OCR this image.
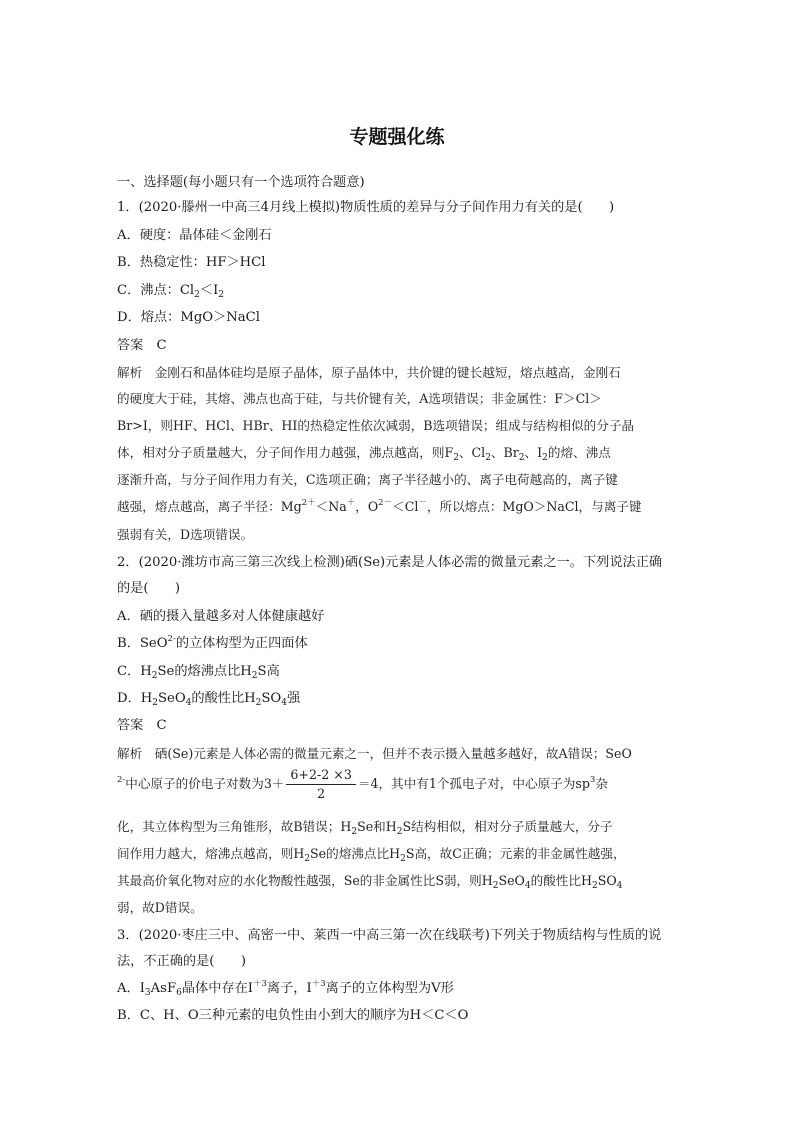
专题强化练
一、选择题(每小题只有一个选项符合题意)
1．(2020·滕州一中高三4月线上模拟)物质性质的差异与分子间作用力有关的是(　　)
A．硬度：晶体硅＜金刚石
B．热稳定性：HF＞HCl
C．沸点：$Cl_2<I_2$
D．熔点：MgO＞NaCl
答案　C
解析　金刚石和晶体硅均是原子晶体，原子晶体中，共价键的键长越短，熔点越高，金刚石
的硬度大于硅，其熔、沸点也高于硅，与共价键有关，A选项错误；非金属性：F＞Cl＞
Br>I，则HF、HCl、HBr、HI的热稳定性依次减弱，B选项错误；组成与结构相似的分子晶
体，相对分子质量越大，分子间作用力越强，沸点越高，则$F_2$、$Cl_2$、$Br_2$、$I_2$的熔、沸点
逐渐升高，与分子间作用力有关，C选项正确；离子半径越小的、离子电荷越高的，离子键
越强，熔点越高，离子半径：$Mg^{2+}<Na^+$，$O^{2-}<Cl^-$，所以熔点：MgO＞NaCl，与离子键
强弱有关，D选项错误。
2．(2020·潍坊市高三第三次线上检测)硒(Se)元素是人体必需的微量元素之一。下列说法正确
的是(　　)
A．硒的摄入量越多对人体健康越好
B．SeO$^{2-}$的立体构型为正四面体
C．$H_2Se$的熔沸点比$H_2S$高
D．$H_2SeO_4$的酸性比$H_2SO_4$强
答案　C
解析　硒(Se)元素是人体必需的微量元素之一，但并不表示摄入量越多越好，故A错误；SeO
$^{2-}$中心原子的价电子对数为$3+ \frac{6+2-2 \times 3}{2} =4$，其中有1个孤电子对，中心原子为$sp^3$杂
化，其立体构型为三角锥形，故B错误；$H_2Se$和$H_2S$结构相似，相对分子质量越大，分子
间作用力越大，熔沸点越高，则$H_2Se$的熔沸点比$H_2S$高，故C正确；元素的非金属性越强，
其最高价氧化物对应的水化物酸性越强，Se的非金属性比S弱，则$H_2SeO_4$的酸性比$H_2SO_4$
弱，故D错误。
3．(2020·枣庄三中、高密一中、莱西一中高三第一次在线联考)下列关于物质结构与性质的说
法，不正确的是(　　)
A．$I_3AsF_6$晶体中存在$I^{+3}$离子，$I^{+3}$离子的立体构型为V形
B．C、H、O三种元素的电负性由小到大的顺序为H＜C＜O
